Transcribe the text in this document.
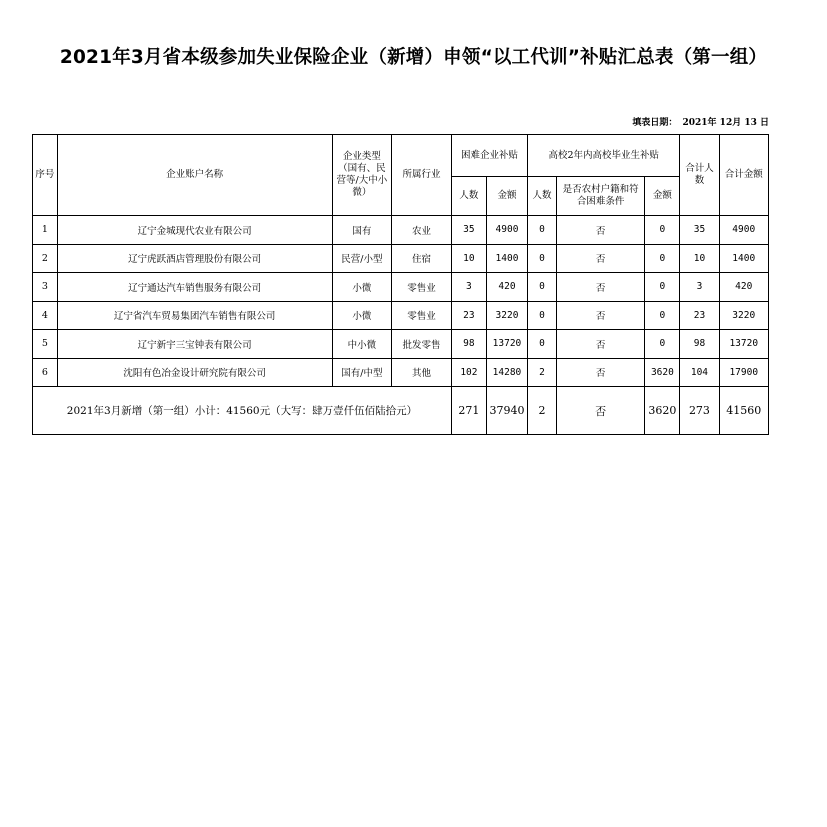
2021年3月省本级参加失业保险企业（新增）申领“以工代训”补贴汇总表（第一组）
填表日期： 2021年 12月 13 日
序号	企业账户名称	企业类型（国有、民营等/大中小微）	所属行业	困难企业补贴		高校2年内高校毕业生补贴			合计人数	合计金额
				人数	金额	人数	是否农村户籍和符合困难条件	金额		
1	辽宁金城现代农业有限公司	国有	农业	35	4900	0	否	0	35	4900
2	辽宁虎跃酒店管理股份有限公司	民营/小型	住宿	10	1400	0	否	0	10	1400
3	辽宁通达汽车销售服务有限公司	小微	零售业	3	420	0	否	0	3	420
4	辽宁省汽车贸易集团汽车销售有限公司	小微	零售业	23	3220	0	否	0	23	3220
5	辽宁新宇三宝钟表有限公司	中小微	批发零售	98	13720	0	否	0	98	13720
6	沈阳有色冶金设计研究院有限公司	国有/中型	其他	102	14280	2	否	3620	104	17900
2021年3月新增（第一组）小计：41560元（大写：肆万壹仟伍佰陆拾元）				271	37940	2	否	3620	273	41560
